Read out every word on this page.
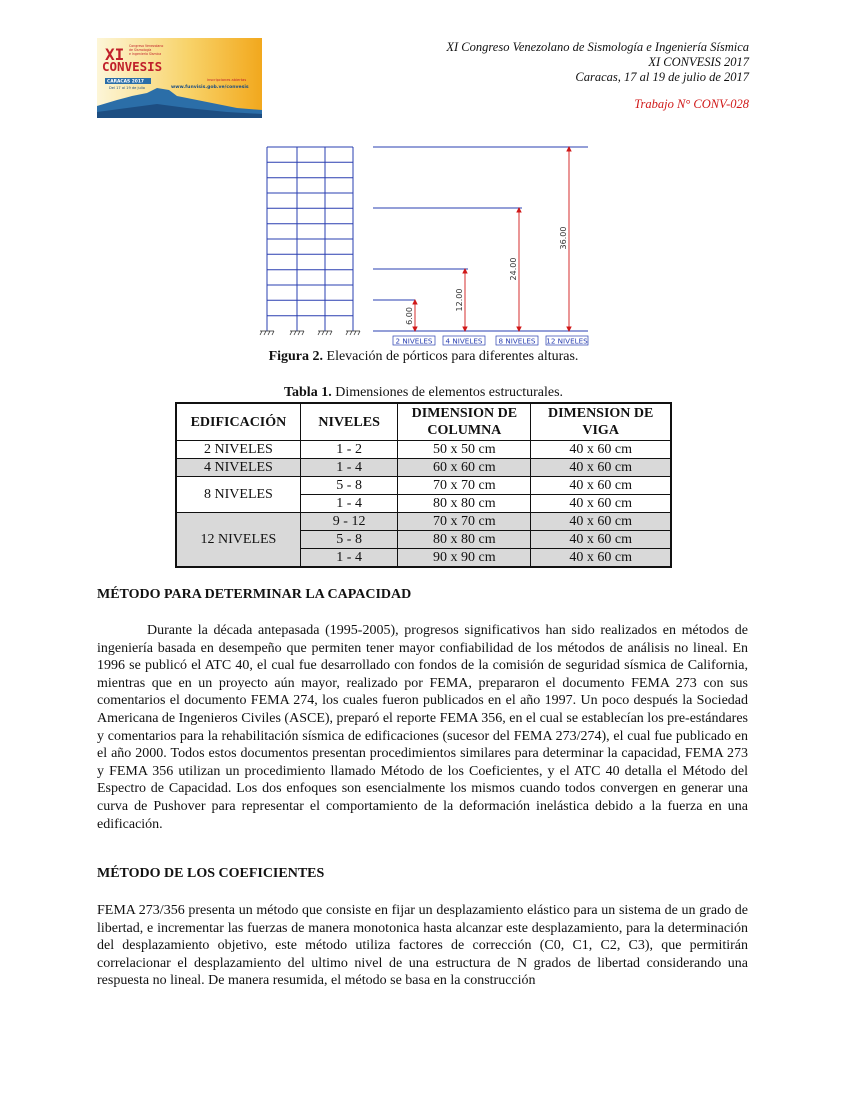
XI
CONVESIS
Congreso Venezolano
de Sismología
e Ingeniería Sísmica
CARACAS 2017
Del 17 al 19 de julio
inscripciones abiertas
www.funvisis.gob.ve/convesis
XI Congreso Venezolano de Sismología e Ingeniería Sísmica
XI CONVESIS 2017
Caracas, 17 al 19 de julio de 2017
Trabajo N° CONV-028
6.00
12.00
24.00
36.00
2 NIVELES 4 NIVELES 8 NIVELES 12 NIVELES
Figura 2. Elevación de pórticos para diferentes alturas.
Tabla 1. Dimensiones de elementos estructurales.
EDIFICACIÓN	NIVELES	DIMENSION DE COLUMNA	DIMENSION DE VIGA
2 NIVELES	1 - 2	50 x 50 cm	40 x 60 cm
4 NIVELES	1 - 4	60 x 60 cm	40 x 60 cm
8 NIVELES	5 - 8	70 x 70 cm	40 x 60 cm
	1 - 4	80 x 80 cm	40 x 60 cm
12 NIVELES	9 - 12	70 x 70 cm	40 x 60 cm
	5 - 8	80 x 80 cm	40 x 60 cm
	1 - 4	90 x 90 cm	40 x 60 cm
MÉTODO PARA DETERMINAR LA CAPACIDAD
Durante la década antepasada (1995-2005), progresos significativos han sido realizados en métodos de ingeniería basada en desempeño que permiten tener mayor confiabilidad de los métodos de análisis no lineal. En 1996 se publicó el ATC 40, el cual fue desarrollado con fondos de la comisión de seguridad sísmica de California, mientras que en un proyecto aún mayor, realizado por FEMA, prepararon el documento FEMA 273 con sus comentarios el documento FEMA 274, los cuales fueron publicados en el año 1997. Un poco después la Sociedad Americana de Ingenieros Civiles (ASCE), preparó el reporte FEMA 356, en el cual se establecían los pre-estándares y comentarios para la rehabilitación sísmica de edificaciones (sucesor del FEMA 273/274), el cual fue publicado en el año 2000. Todos estos documentos presentan procedimientos similares para determinar la capacidad, FEMA 273 y FEMA 356 utilizan un procedimiento llamado Método de los Coeficientes, y el ATC 40 detalla el Método del Espectro de Capacidad. Los dos enfoques son esencialmente los mismos cuando todos convergen en generar una curva de Pushover para representar el comportamiento de la deformación inelástica debido a la fuerza en una edificación.
MÉTODO DE LOS COEFICIENTES
FEMA 273/356 presenta un método que consiste en fijar un desplazamiento elástico para un sistema de un grado de libertad, e incrementar las fuerzas de manera monotonica hasta alcanzar este desplazamiento, para la determinación del desplazamiento objetivo, este método utiliza factores de corrección (C0, C1, C2, C3), que permitirán correlacionar el desplazamiento del ultimo nivel de una estructura de N grados de libertad considerando una respuesta no lineal. De manera resumida, el método se basa en la construcción
